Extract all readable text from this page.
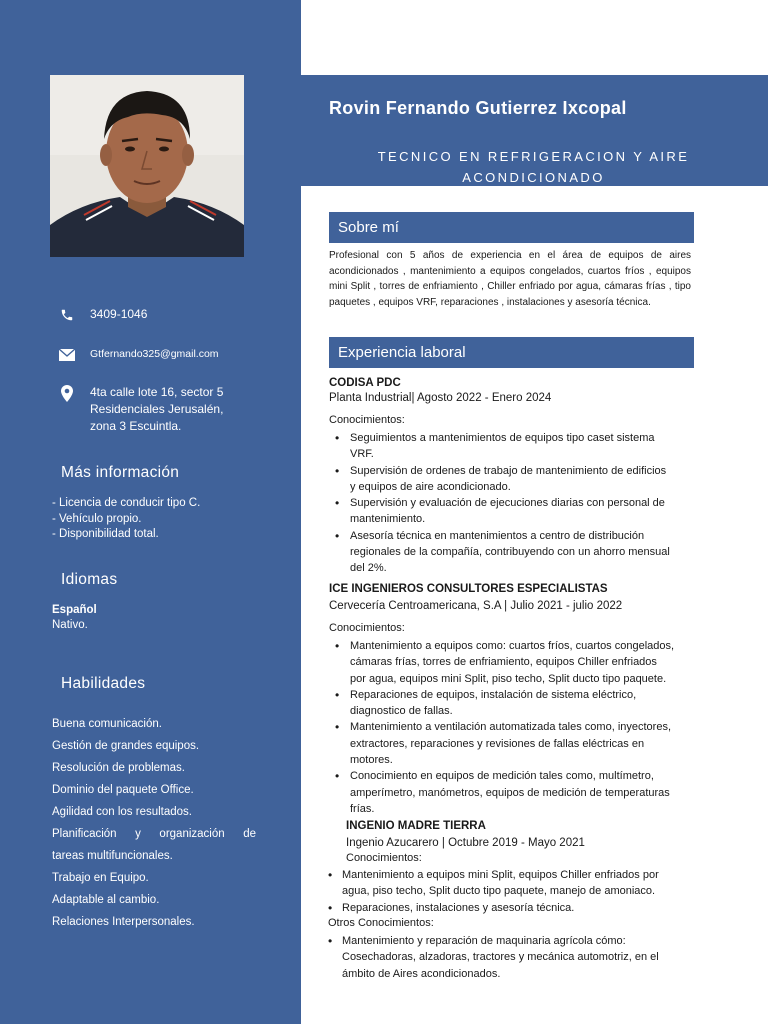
3409-1046
Gtfernando325@gmail.com
4ta calle lote 16, sector 5
Residenciales Jerusalén,
zona 3 Escuintla.
Más información
- Licencia de conducir tipo C.
- Vehículo propio.
- Disponibilidad total.
Idiomas
Español
Nativo.
Habilidades
Buena comunicación.
Gestión de grandes equipos.
Resolución de problemas.
Dominio del paquete Office.
Agilidad con los resultados.
Planificación y organización de
tareas multifuncionales.
Trabajo en Equipo.
Adaptable al cambio.
Relaciones Interpersonales.
Rovin Fernando Gutierrez Ixcopal
TECNICO EN REFRIGERACION Y AIRE ACONDICIONADO
Sobre mí
Profesional con 5 años de experiencia en el área de equipos de aires acondicionados , mantenimiento a equipos congelados, cuartos fríos , equipos mini Split , torres de enfriamiento , Chiller enfriado por agua, cámaras frías , tipo paquetes , equipos VRF, reparaciones , instalaciones y asesoría técnica.
Experiencia laboral
CODISA PDC
Planta Industrial| Agosto 2022 - Enero 2024
Conocimientos:
• Seguimientos a mantenimientos de equipos tipo caset sistema
VRF.
• Supervisión de ordenes de trabajo de mantenimiento de edificios
y equipos de aire acondicionado.
• Supervisión y evaluación de ejecuciones diarias con personal de
mantenimiento.
• Asesoría técnica en mantenimientos a centro de distribución
regionales de la compañía, contribuyendo con un ahorro mensual
del 2%.
ICE INGENIEROS CONSULTORES ESPECIALISTAS
Cervecería Centroamericana, S.A | Julio 2021 - julio 2022
Conocimientos:
• Mantenimiento a equipos como: cuartos fríos, cuartos congelados,
cámaras frías, torres de enfriamiento, equipos Chiller enfriados
por agua, equipos mini Split, piso techo, Split ducto tipo paquete.
• Reparaciones de equipos, instalación de sistema eléctrico,
diagnostico de fallas.
• Mantenimiento a ventilación automatizada tales como, inyectores,
extractores, reparaciones y revisiones de fallas eléctricas en
motores.
• Conocimiento en equipos de medición tales como, multímetro,
amperímetro, manómetros, equipos de medición de temperaturas
frías.
INGENIO MADRE TIERRA
Ingenio Azucarero | Octubre 2019 - Mayo 2021
Conocimientos:
• Mantenimiento a equipos mini Split, equipos Chiller enfriados por
agua, piso techo, Split ducto tipo paquete, manejo de amoniaco.
• Reparaciones, instalaciones y asesoría técnica.
Otros Conocimientos:
• Mantenimiento y reparación de maquinaria agrícola cómo:
Cosechadoras, alzadoras, tractores y mecánica automotriz, en el
ámbito de Aires acondicionados.
